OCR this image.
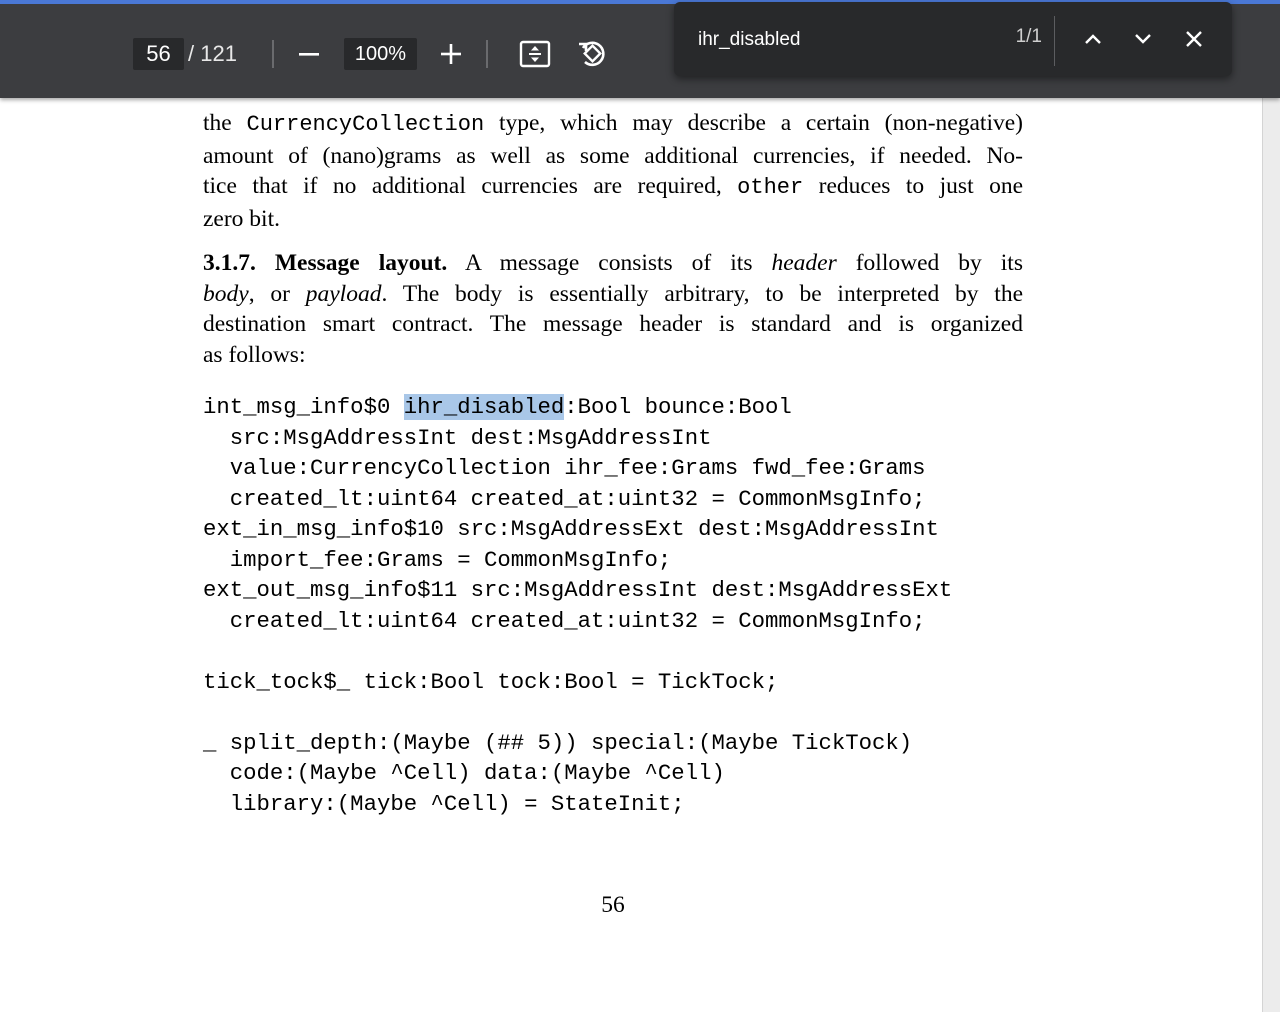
the CurrencyCollection type, which may describe a certain (non-negative)
amount of (nano)grams as well as some additional currencies, if needed. No-
tice that if no additional currencies are required, other reduces to just one
zero bit.
3.1.7. Message layout. A message consists of its header followed by its
body, or payload. The body is essentially arbitrary, to be interpreted by the
destination smart contract. The message header is standard and is organized
as follows:
int_msg_info$0 ihr_disabled:Bool bounce:Bool
src:MsgAddressInt dest:MsgAddressInt
value:CurrencyCollection ihr_fee:Grams fwd_fee:Grams
created_lt:uint64 created_at:uint32 = CommonMsgInfo;
ext_in_msg_info$10 src:MsgAddressExt dest:MsgAddressInt
import_fee:Grams = CommonMsgInfo;
ext_out_msg_info$11 src:MsgAddressInt dest:MsgAddressExt
created_lt:uint64 created_at:uint32 = CommonMsgInfo;
tick_tock$_ tick:Bool tock:Bool = TickTock;
_ split_depth:(Maybe (## 5)) special:(Maybe TickTock)
code:(Maybe ^Cell) data:(Maybe ^Cell)
library:(Maybe ^Cell) = StateInit;
56
56 / 121	100%
ihr_disabled
1/1
